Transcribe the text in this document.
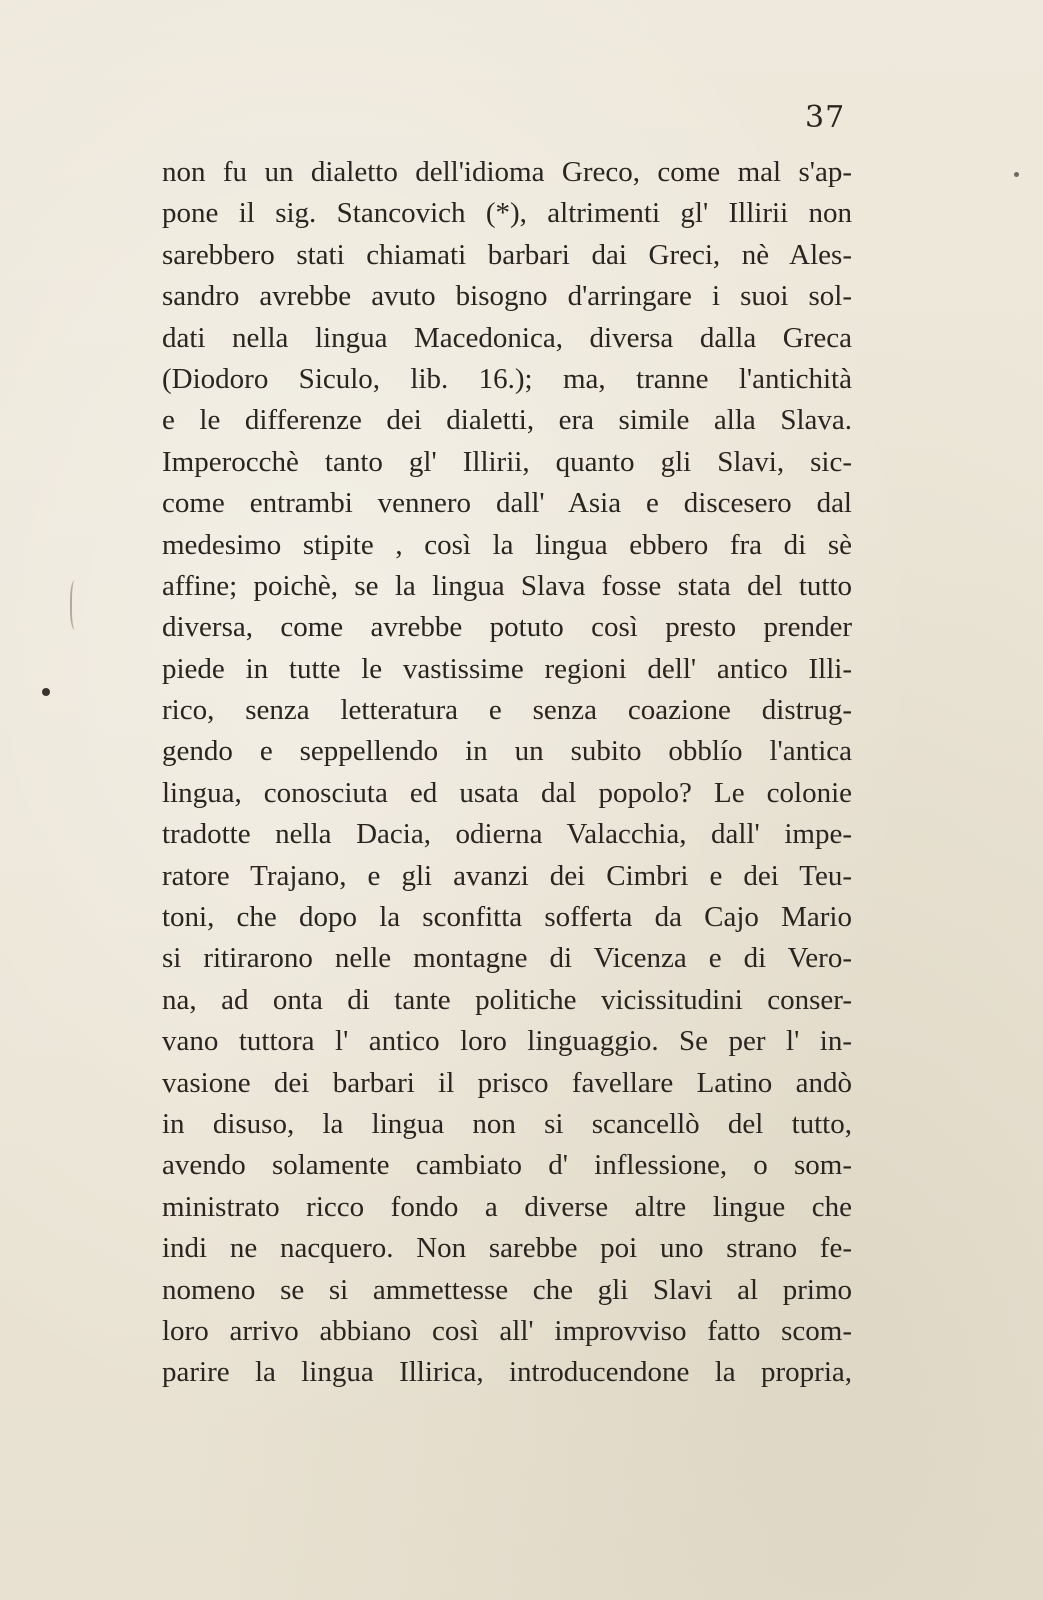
37
non fu un dialetto dell'idioma Greco, come mal s'ap-
pone il sig. Stancovich (*), altrimenti gl' Illirii non
sarebbero stati chiamati barbari dai Greci, nè Ales-
sandro avrebbe avuto bisogno d'arringare i suoi sol-
dati nella lingua Macedonica, diversa dalla Greca
(Diodoro Siculo, lib. 16.); ma, tranne l'antichità
e le differenze dei dialetti, era simile alla Slava.
Imperocchè tanto gl' Illirii, quanto gli Slavi, sic-
come entrambi vennero dall' Asia e discesero dal
medesimo stipite , così la lingua ebbero fra di sè
affine; poichè, se la lingua Slava fosse stata del tutto
diversa, come avrebbe potuto così presto prender
piede in tutte le vastissime regioni dell' antico Illi-
rico, senza letteratura e senza coazione distrug-
gendo e seppellendo in un subito obblío l'antica
lingua, conosciuta ed usata dal popolo? Le colonie
tradotte nella Dacia, odierna Valacchia, dall' impe-
ratore Trajano, e gli avanzi dei Cimbri e dei Teu-
toni, che dopo la sconfitta sofferta da Cajo Mario
si ritirarono nelle montagne di Vicenza e di Vero-
na, ad onta di tante politiche vicissitudini conser-
vano tuttora l' antico loro linguaggio. Se per l' in-
vasione dei barbari il prisco favellare Latino andò
in disuso, la lingua non si scancellò del tutto,
avendo solamente cambiato d' inflessione, o som-
ministrato ricco fondo a diverse altre lingue che
indi ne nacquero. Non sarebbe poi uno strano fe-
nomeno se si ammettesse che gli Slavi al primo
loro arrivo abbiano così all' improvviso fatto scom-
parire la lingua Illirica, introducendone la propria,
